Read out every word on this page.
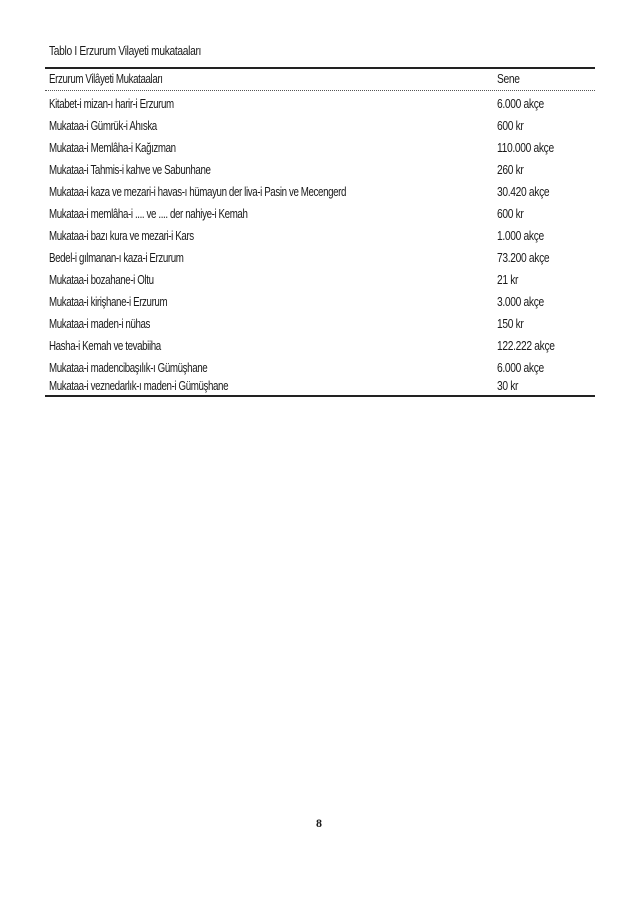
Tablo I Erzurum Vilayeti mukataaları
Erzurum Vilâyeti Mukataaları	Sene
Kitabet-i mizan-ı harir-i Erzurum	6.000 akçe
Mukataa-i Gümrük-i Ahıska	600 kr
Mukataa-i Memlâha-i Kağızman	110.000 akçe
Mukataa-i Tahmis-i kahve ve Sabunhane	260 kr
Mukataa-i kaza ve mezari-i havas-ı hümayun der liva-i Pasin ve Mecengerd	30.420 akçe
Mukataa-i memlâha-i .... ve .... der nahiye-i Kemah	600 kr
Mukataa-i bazı kura ve mezari-i Kars	1.000 akçe
Bedel-i gılmanan-ı kaza-i Erzurum	73.200 akçe
Mukataa-i bozahane-i Oltu	21 kr
Mukataa-i kirişhane-i Erzurum	3.000 akçe
Mukataa-i maden-i nühas	150 kr
Hasha-i Kemah ve tevabiiha	122.222 akçe
Mukataa-i madencibaşılık-ı Gümüşhane	6.000 akçe
Mukataa-i veznedarlık-ı maden-i Gümüşhane	30 kr
8
